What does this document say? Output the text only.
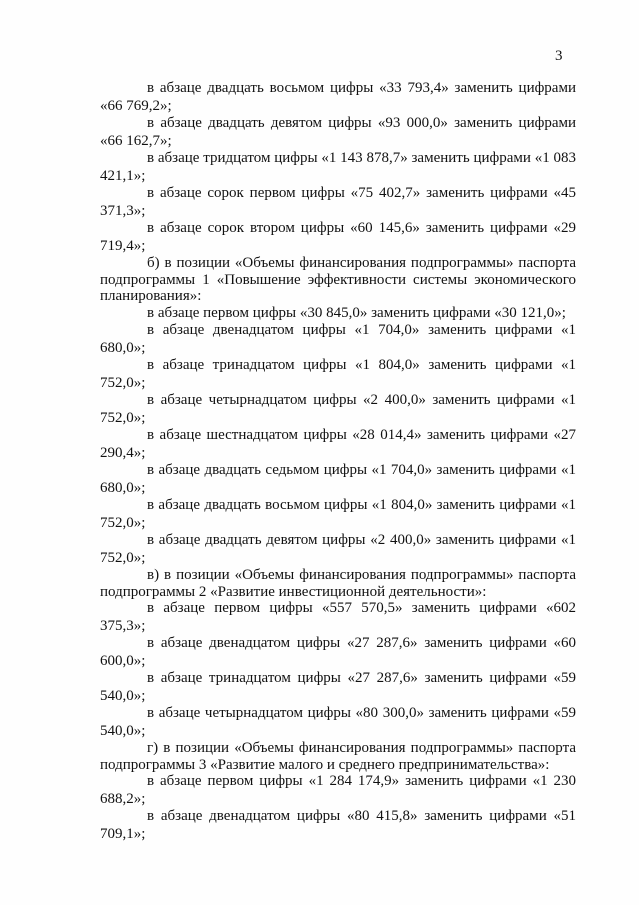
3

в абзаце двадцать восьмом цифры «33 793,4» заменить цифрами «66 769,2»;

в абзаце двадцать девятом цифры «93 000,0» заменить цифрами «66 162,7»;

в абзаце тридцатом цифры «1 143 878,7» заменить цифрами «1 083 421,1»;

в абзаце сорок первом цифры «75 402,7» заменить цифрами «45 371,3»;

в абзаце сорок втором цифры «60 145,6» заменить цифрами «29 719,4»;

б) в позиции «Объемы финансирования подпрограммы» паспорта подпрограммы 1 «Повышение эффективности системы экономического планирования»:

в абзаце первом цифры «30 845,0» заменить цифрами «30 121,0»;

в абзаце двенадцатом цифры «1 704,0» заменить цифрами «1 680,0»;

в абзаце тринадцатом цифры «1 804,0» заменить цифрами «1 752,0»;

в абзаце четырнадцатом цифры «2 400,0» заменить цифрами «1 752,0»;

в абзаце шестнадцатом цифры «28 014,4» заменить цифрами «27 290,4»;

в абзаце двадцать седьмом цифры «1 704,0» заменить цифрами «1 680,0»;

в абзаце двадцать восьмом цифры «1 804,0» заменить цифрами «1 752,0»;

в абзаце двадцать девятом цифры «2 400,0» заменить цифрами «1 752,0»;

в) в позиции «Объемы финансирования подпрограммы» паспорта подпрограммы 2 «Развитие инвестиционной деятельности»:

в абзаце первом цифры «557 570,5» заменить цифрами «602 375,3»;

в абзаце двенадцатом цифры «27 287,6» заменить цифрами «60 600,0»;

в абзаце тринадцатом цифры «27 287,6» заменить цифрами «59 540,0»;

в абзаце четырнадцатом цифры «80 300,0» заменить цифрами «59 540,0»;

г) в позиции «Объемы финансирования подпрограммы» паспорта подпрограммы 3 «Развитие малого и среднего предпринимательства»:

в абзаце первом цифры «1 284 174,9» заменить цифрами «1 230 688,2»;

в абзаце двенадцатом цифры «80 415,8» заменить цифрами «51 709,1»;
